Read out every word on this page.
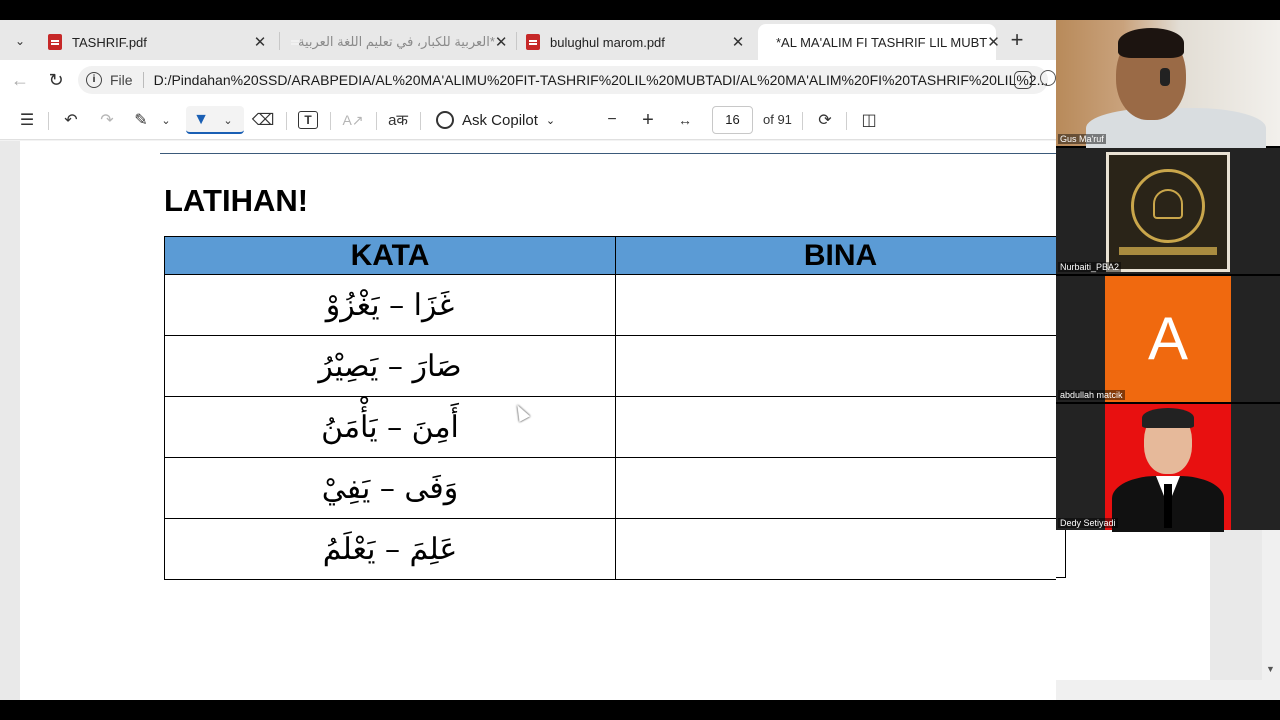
⌄	TASHRIF.pdf	✕ *العربية للكبار، في تعليم اللغة العربية ✕	bulughul marom.pdf	✕ *AL MA'ALIM FI TASHRIF LIL MUBT ✕ +
← ↻	i	File D:/Pindahan%20SSD/ARABPEDIA/AL%20MA'ALIMU%20FIT-TASHRIF%20LIL%20MUBTADI/AL%20MA'ALIM%20FI%20TASHRIF%20LIL%2...
☰ ↶ ↷ ✎	⌄ ▼	⌄ ⌫	T	A↗ aक	Ask Copilot ⌄	− + ↔	16	of 91 ⟳ ◫
LATIHAN!
KATA	BINA
غَزَا – يَغْزُوْ	
صَارَ – يَصِيْرُ	
أَمِنَ – يَأْمَنُ	
وَفَى – يَفِيْ	
عَلِمَ – يَعْلَمُ	
▼
Gus Ma'ruf
Nurbaiti_PBA2
A
abdullah matcik
Dedy Setiyadi
